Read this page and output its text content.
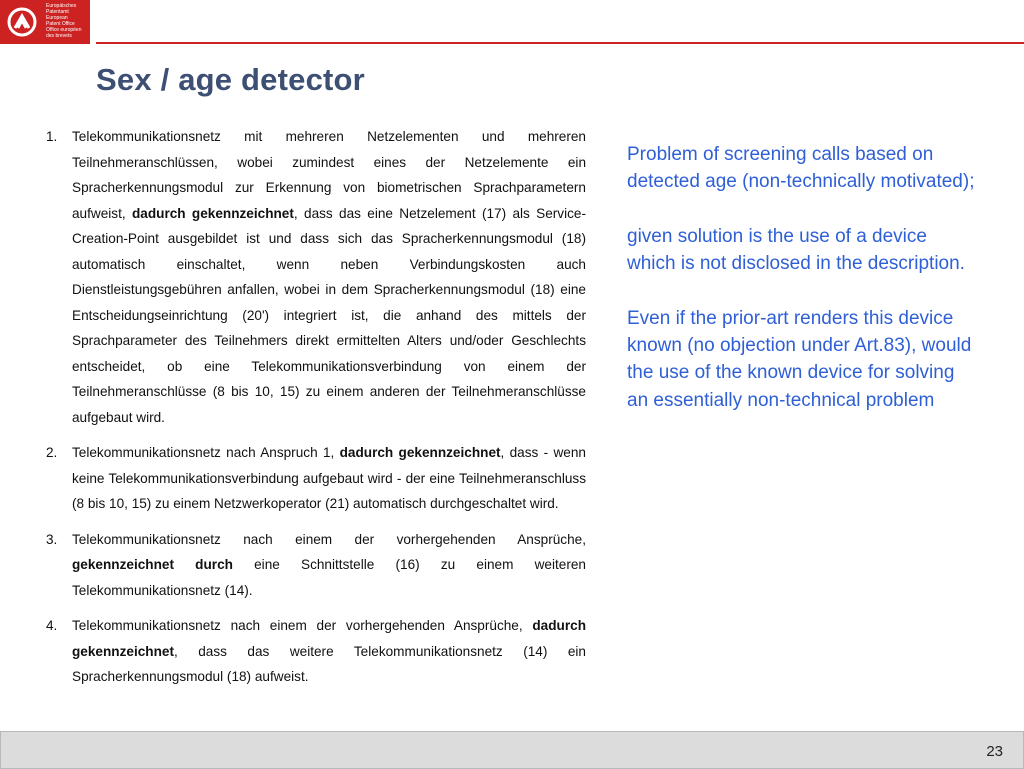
Europäisches
Patentamt
European
Patent Office
Office européen
des brevets
Sex / age detector
1.	Telekommunikationsnetz mit mehreren Netzelementen und mehreren Teilnehmeranschlüssen, wobei zumindest eines der Netzelemente ein Spracherkennungsmodul zur Erkennung von biometrischen Sprachparametern aufweist, dadurch gekennzeichnet, dass das eine Netzelement (17) als Service-Creation-Point ausgebildet ist und dass sich das Spracherkennungsmodul (18) automatisch einschaltet, wenn neben Verbindungskosten auch Dienstleistungsgebühren anfallen, wobei in dem Spracherkennungsmodul (18) eine Entscheidungseinrichtung (20') integriert ist, die anhand des mittels der Sprachparameter des Teilnehmers direkt ermittelten Alters und/oder Geschlechts entscheidet, ob eine Telekommunikationsverbindung von einem der Teilnehmeranschlüsse (8 bis 10, 15) zu einem anderen der Teilnehmeranschlüsse aufgebaut wird.
2.	Telekommunikationsnetz nach Anspruch 1, dadurch gekennzeichnet, dass - wenn keine Telekommunikationsverbindung aufgebaut wird - der eine Teilnehmeranschluss (8 bis 10, 15) zu einem Netzwerkoperator (21) automatisch durchgeschaltet wird.
3.	Telekommunikationsnetz nach einem der vorhergehenden Ansprüche, gekennzeichnet durch eine Schnittstelle (16) zu einem weiteren Telekommunikationsnetz (14).
4.	Telekommunikationsnetz nach einem der vorhergehenden Ansprüche, dadurch gekennzeichnet, dass das weitere Telekommunikationsnetz (14) ein Spracherkennungsmodul (18) aufweist.

Problem of screening calls based on detected age (non-technically motivated);

given solution is the use of a device which is not disclosed in the description.

Even if the prior-art renders this device known (no objection under Art.83), would the use of the known device for solving an essentially non-technical problem

23
